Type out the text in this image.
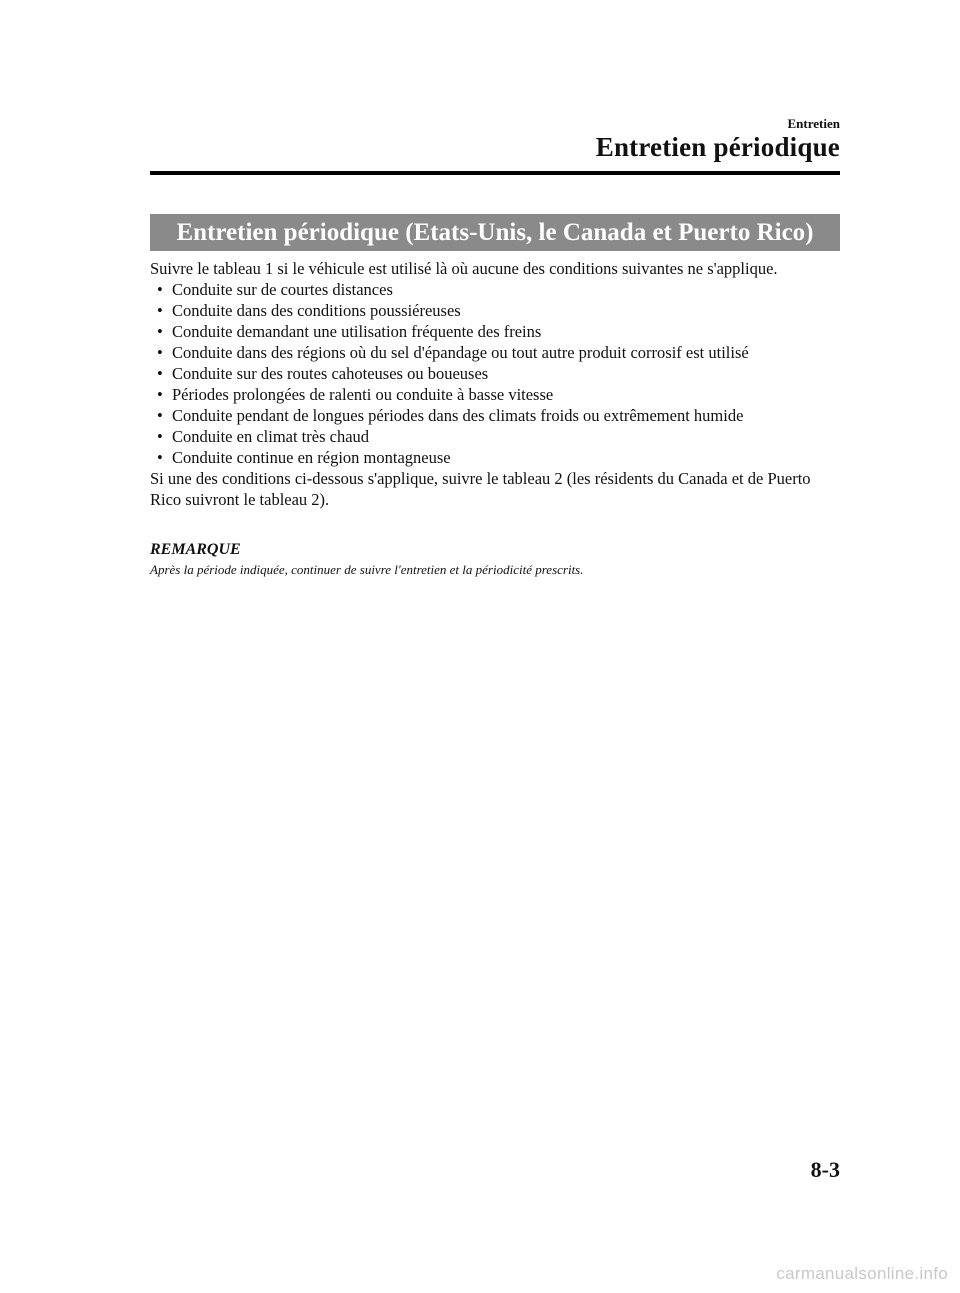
Entretien
Entretien périodique
Entretien périodique (Etats-Unis, le Canada et Puerto Rico)

Suivre le tableau 1 si le véhicule est utilisé là où aucune des conditions suivantes ne s'applique.

• Conduite sur de courtes distances
• Conduite dans des conditions poussiéreuses
• Conduite demandant une utilisation fréquente des freins
• Conduite dans des régions où du sel d'épandage ou tout autre produit corrosif est utilisé
• Conduite sur des routes cahoteuses ou boueuses
• Périodes prolongées de ralenti ou conduite à basse vitesse
• Conduite pendant de longues périodes dans des climats froids ou extrêmement humide
• Conduite en climat très chaud
• Conduite continue en région montagneuse

Si une des conditions ci-dessous s'applique, suivre le tableau 2 (les résidents du Canada et de Puerto Rico suivront le tableau 2).

REMARQUE
Après la période indiquée, continuer de suivre l'entretien et la périodicité prescrits.
8-3
carmanualsonline.info
